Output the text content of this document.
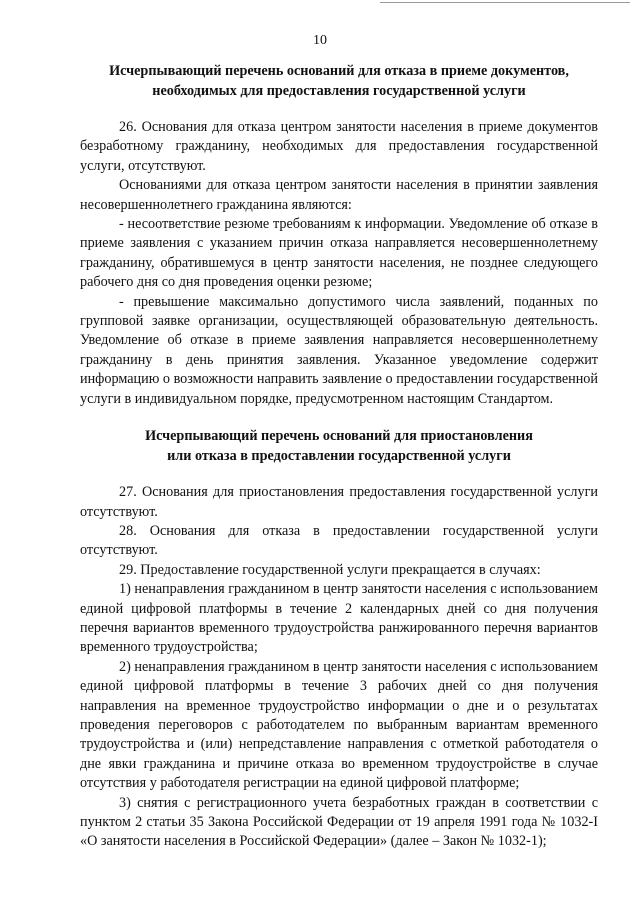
10
Исчерпывающий перечень оснований для отказа в приеме документов,
необходимых для предоставления государственной услуги

26. Основания для отказа центром занятости населения в приеме документов безработному гражданину, необходимых для предоставления государственной услуги, отсутствуют.

Основаниями для отказа центром занятости населения в принятии заявления несовершеннолетнего гражданина являются:

- несоответствие резюме требованиям к информации. Уведомление об отказе в приеме заявления с указанием причин отказа направляется несовершеннолетнему гражданину, обратившемуся в центр занятости населения, не позднее следующего рабочего дня со дня проведения оценки резюме;

- превышение максимально допустимого числа заявлений, поданных по групповой заявке организации, осуществляющей образовательную деятельность. Уведомление об отказе в приеме заявления направляется несовершеннолетнему гражданину в день принятия заявления. Указанное уведомление содержит информацию о возможности направить заявление о предоставлении государственной услуги в индивидуальном порядке, предусмотренном настоящим Стандартом.

Исчерпывающий перечень оснований для приостановления
или отказа в предоставлении государственной услуги

27. Основания для приостановления предоставления государственной услуги отсутствуют.

28. Основания для отказа в предоставлении государственной услуги отсутствуют.

29. Предоставление государственной услуги прекращается в случаях:

1) ненаправления гражданином в центр занятости населения с использованием единой цифровой платформы в течение 2 календарных дней со дня получения перечня вариантов временного трудоустройства ранжированного перечня вариантов временного трудоустройства;

2) ненаправления гражданином в центр занятости населения с использованием единой цифровой платформы в течение 3 рабочих дней со дня получения направления на временное трудоустройство информации о дне и о результатах проведения переговоров с работодателем по выбранным вариантам временного трудоустройства и (или) непредставление направления с отметкой работодателя о дне явки гражданина и причине отказа во временном трудоустройстве в случае отсутствия у работодателя регистрации на единой цифровой платформе;

3) снятия с регистрационного учета безработных граждан в соответствии с пунктом 2 статьи 35 Закона Российской Федерации от 19 апреля 1991 года № 1032-I «О занятости населения в Российской Федерации» (далее – Закон № 1032-1);
